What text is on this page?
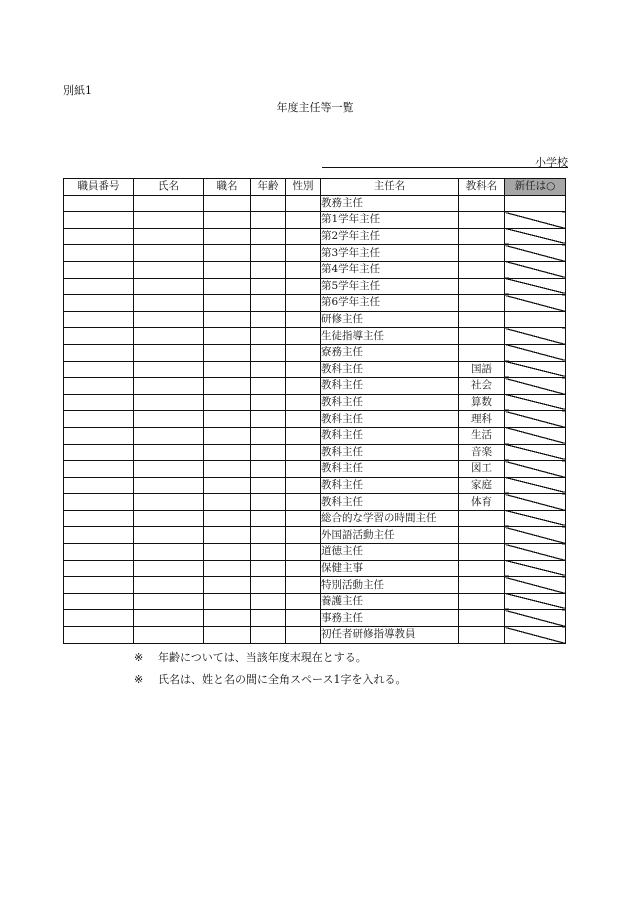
別紙1
年度主任等一覧
小学校
職員番号	氏名	職名	年齢	性別	主任名	教科名	新任は○
					教務主任		
					第1学年主任		
					第2学年主任		
					第3学年主任		
					第4学年主任		
					第5学年主任		
					第6学年主任		
					研修主任		
					生徒指導主任		
					寮務主任		
					教科主任	国語	
					教科主任	社会	
					教科主任	算数	
					教科主任	理科	
					教科主任	生活	
					教科主任	音楽	
					教科主任	図工	
					教科主任	家庭	
					教科主任	体育	
					総合的な学習の時間主任		
					外国語活動主任		
					道徳主任		
					保健主事		
					特別活動主任		
					養護主任		
					事務主任		
					初任者研修指導教員		
※ 年齢については、当該年度末現在とする。
※ 氏名は、姓と名の間に全角スペース1字を入れる。
